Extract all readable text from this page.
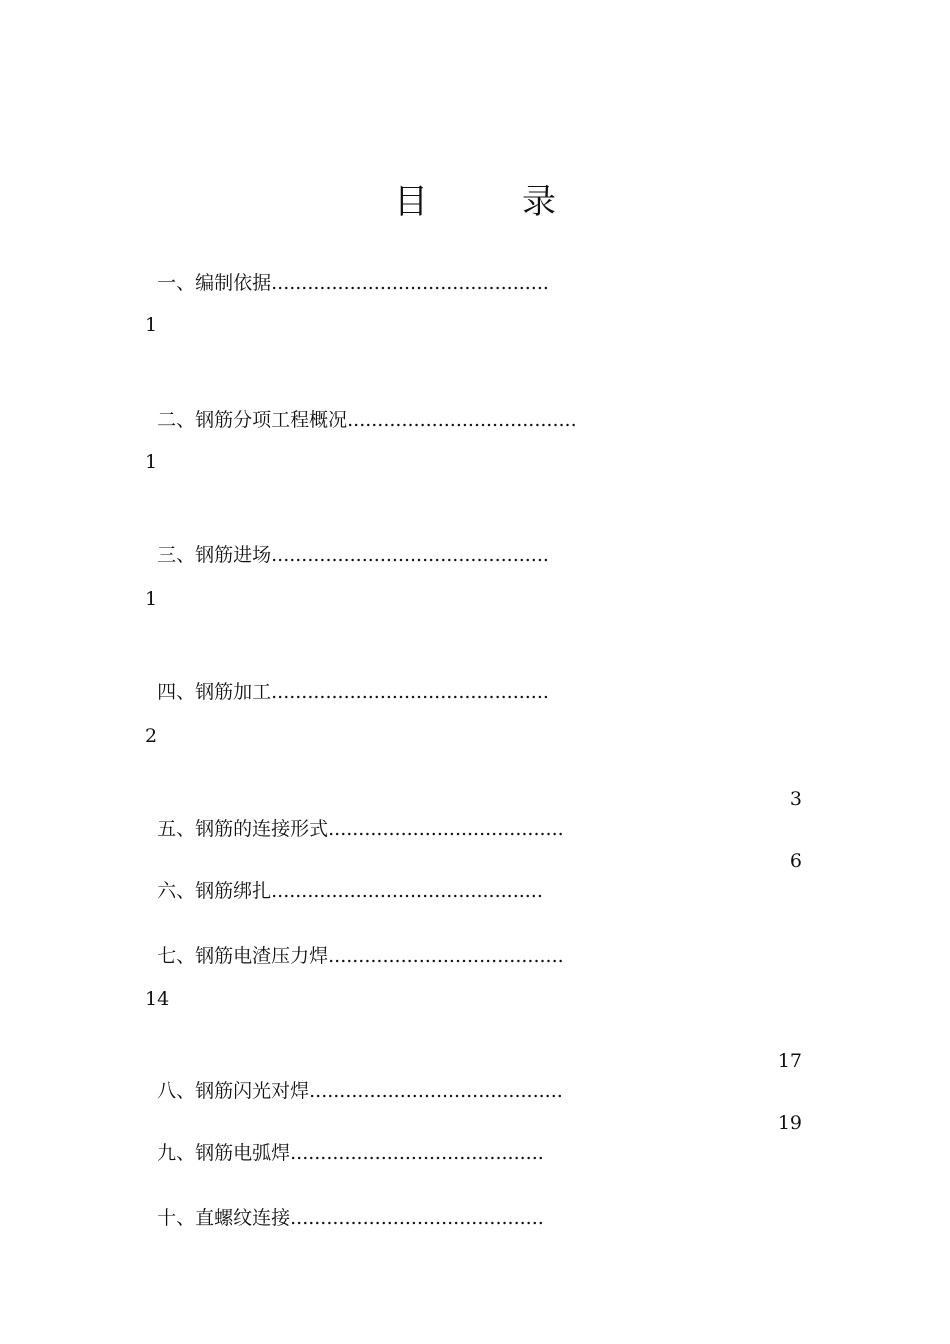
目　录

一、编制依据..............................................

1

二、钢筋分项工程概况......................................

1

三、钢筋进场..............................................

1

四、钢筋加工..............................................

2

五、钢筋的连接形式.......................................

3

六、钢筋绑扎.............................................

6

七、钢筋电渣压力焊.......................................

14

八、钢筋闪光对焊..........................................

17

九、钢筋电弧焊..........................................

19

十、直螺纹连接..........................................
